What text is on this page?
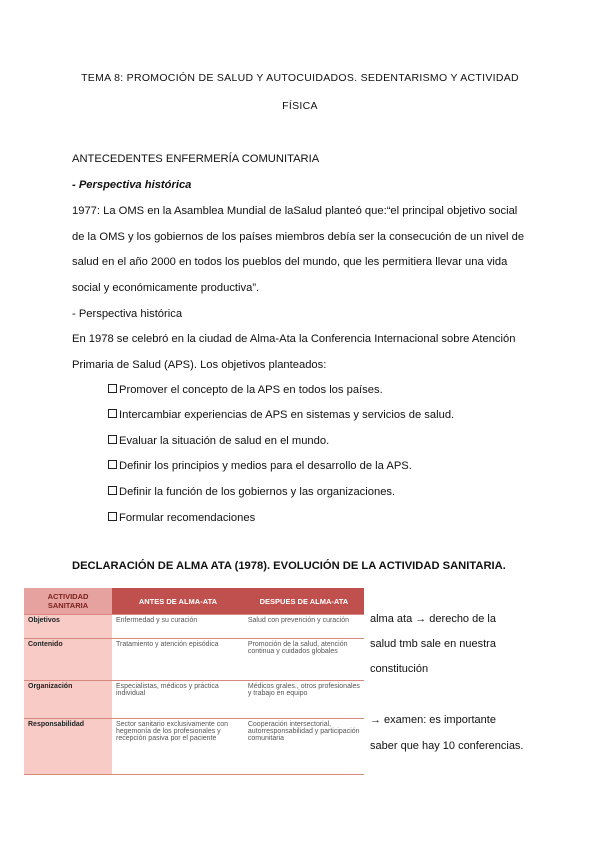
TEMA 8: PROMOCIÓN DE SALUD Y AUTOCUIDADOS. SEDENTARISMO Y ACTIVIDAD
FÍSICA
ANTECEDENTES ENFERMERÍA COMUNITARIA
- Perspectiva histórica
1977: La OMS en la Asamblea Mundial de laSalud planteó que:“el principal objetivo social
de la OMS y los gobiernos de los países miembros debía ser la consecución de un nivel de
salud en el año 2000 en todos los pueblos del mundo, que les permitiera llevar una vida
social y económicamente productiva”.
- Perspectiva histórica
En 1978 se celebró en la ciudad de Alma-Ata la Conferencia Internacional sobre Atención
Primaria de Salud (APS). Los objetivos planteados:
Promover el concepto de la APS en todos los países.
Intercambiar experiencias de APS en sistemas y servicios de salud.
Evaluar la situación de salud en el mundo.
Definir los principios y medios para el desarrollo de la APS.
Definir la función de los gobiernos y las organizaciones.
Formular recomendaciones
DECLARACIÓN DE ALMA ATA (1978). EVOLUCIÓN DE LA ACTIVIDAD SANITARIA.
ACTIVIDAD SANITARIA	ANTES DE ALMA-ATA	DESPUES DE ALMA-ATA
Objetivos	Enfermedad y su curación	Salud con prevención y curación
Contenido	Tratamiento y atención episódica	Promoción de la salud, atención continua y cuidados globales
Organización	Especialistas, médicos y práctica individual	Médicos grales., otros profesionales y trabajo en equipo
Responsabilidad	Sector sanitario exclusivamente con hegemonía de los profesionales y recepción pasiva por el paciente	Cooperación intersectorial, autorresponsabilidad y participación comunitaria
alma ata → derecho de la
salud tmb sale en nuestra
constitución
→ examen: es importante
saber que hay 10 conferencias.
